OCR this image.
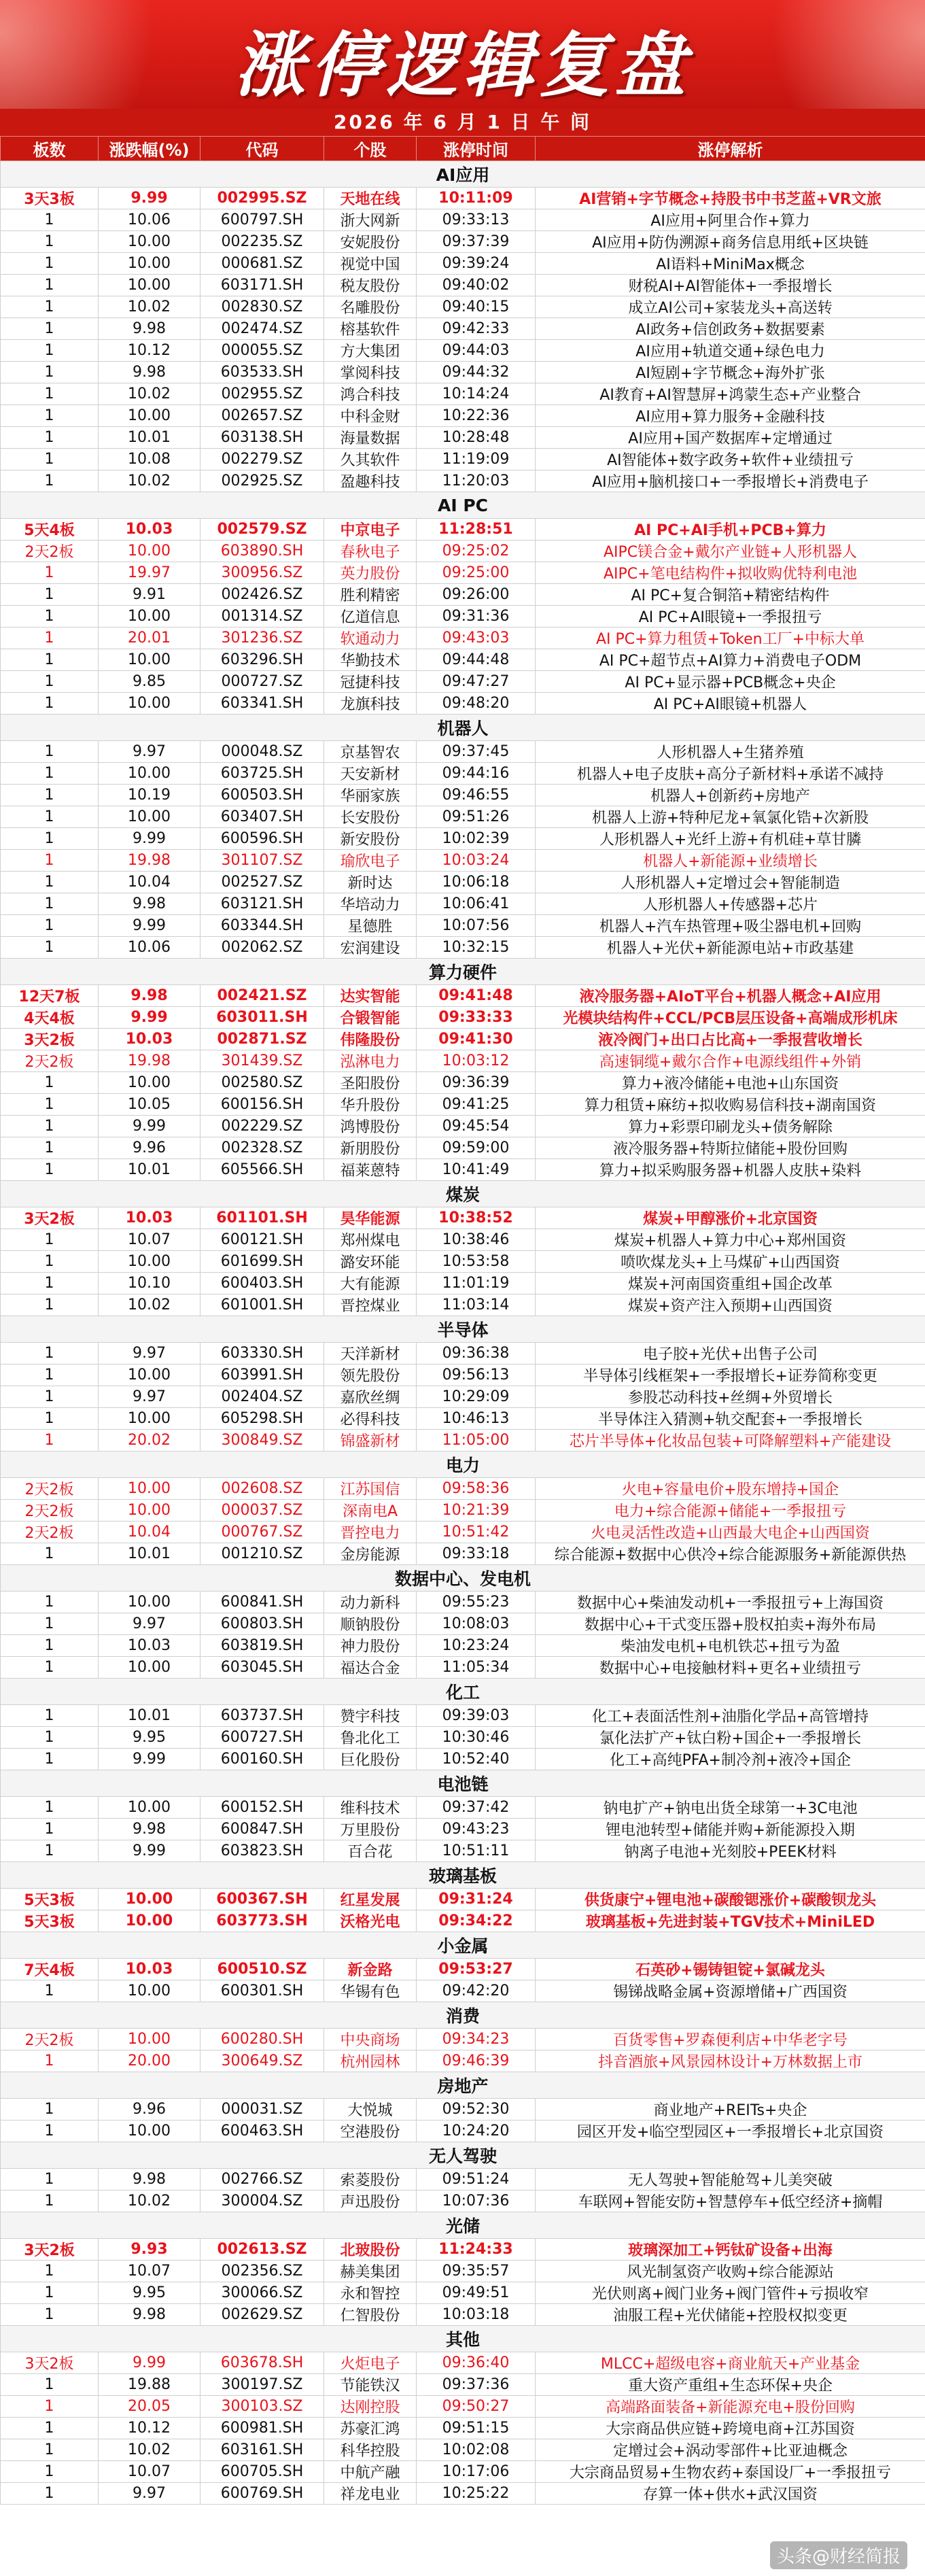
涨停逻辑复盘
2026 年 6 月 1 日 午 间
板数	涨跌幅(%)	代码	个股	涨停时间	涨停解析
AI应用					
3天3板	9.99	002995.SZ	天地在线	10:11:09	AI营销+字节概念+持股书中书芝蓝+VR文旅
1	10.06	600797.SH	浙大网新	09:33:13	AI应用+阿里合作+算力
1	10.00	002235.SZ	安妮股份	09:37:39	AI应用+防伪溯源+商务信息用纸+区块链
1	10.00	000681.SZ	视觉中国	09:39:24	AI语料+MiniMax概念
1	10.00	603171.SH	税友股份	09:40:02	财税AI+AI智能体+一季报增长
1	10.02	002830.SZ	名雕股份	09:40:15	成立AI公司+家装龙头+高送转
1	9.98	002474.SZ	榕基软件	09:42:33	AI政务+信创政务+数据要素
1	10.12	000055.SZ	方大集团	09:44:03	AI应用+轨道交通+绿色电力
1	9.98	603533.SH	掌阅科技	09:44:32	AI短剧+字节概念+海外扩张
1	10.02	002955.SZ	鸿合科技	10:14:24	AI教育+AI智慧屏+鸿蒙生态+产业整合
1	10.00	002657.SZ	中科金财	10:22:36	AI应用+算力服务+金融科技
1	10.01	603138.SH	海量数据	10:28:48	AI应用+国产数据库+定增通过
1	10.08	002279.SZ	久其软件	11:19:09	AI智能体+数字政务+软件+业绩扭亏
1	10.02	002925.SZ	盈趣科技	11:20:03	AI应用+脑机接口+一季报增长+消费电子
AI PC					
5天4板	10.03	002579.SZ	中京电子	11:28:51	AI PC+AI手机+PCB+算力
2天2板	10.00	603890.SH	春秋电子	09:25:02	AIPC镁合金+戴尔产业链+人形机器人
1	19.97	300956.SZ	英力股份	09:25:00	AIPC+笔电结构件+拟收购优特利电池
1	9.91	002426.SZ	胜利精密	09:26:00	AI PC+复合铜箔+精密结构件
1	10.00	001314.SZ	亿道信息	09:31:36	AI PC+AI眼镜+一季报扭亏
1	20.01	301236.SZ	软通动力	09:43:03	AI PC+算力租赁+Token工厂+中标大单
1	10.00	603296.SH	华勤技术	09:44:48	AI PC+超节点+AI算力+消费电子ODM
1	9.85	000727.SZ	冠捷科技	09:47:27	AI PC+显示器+PCB概念+央企
1	10.00	603341.SH	龙旗科技	09:48:20	AI PC+AI眼镜+机器人
机器人					
1	9.97	000048.SZ	京基智农	09:37:45	人形机器人+生猪养殖
1	10.00	603725.SH	天安新材	09:44:16	机器人+电子皮肤+高分子新材料+承诺不减持
1	10.19	600503.SH	华丽家族	09:46:55	机器人+创新药+房地产
1	10.00	603407.SH	长安股份	09:51:26	机器人上游+特种尼龙+氧氯化锆+次新股
1	9.99	600596.SH	新安股份	10:02:39	人形机器人+光纤上游+有机硅+草甘膦
1	19.98	301107.SZ	瑜欣电子	10:03:24	机器人+新能源+业绩增长
1	10.04	002527.SZ	新时达	10:06:18	人形机器人+定增过会+智能制造
1	9.98	603121.SH	华培动力	10:06:41	人形机器人+传感器+芯片
1	9.99	603344.SH	星德胜	10:07:56	机器人+汽车热管理+吸尘器电机+回购
1	10.06	002062.SZ	宏润建设	10:32:15	机器人+光伏+新能源电站+市政基建
算力硬件					
12天7板	9.98	002421.SZ	达实智能	09:41:48	液冷服务器+AIoT平台+机器人概念+AI应用
4天4板	9.99	603011.SH	合锻智能	09:33:33	光模块结构件+CCL/PCB层压设备+高端成形机床
3天2板	10.03	002871.SZ	伟隆股份	09:41:30	液冷阀门+出口占比高+一季报营收增长
2天2板	19.98	301439.SZ	泓淋电力	10:03:12	高速铜缆+戴尔合作+电源线组件+外销
1	10.00	002580.SZ	圣阳股份	09:36:39	算力+液冷储能+电池+山东国资
1	10.05	600156.SH	华升股份	09:41:25	算力租赁+麻纺+拟收购易信科技+湖南国资
1	9.99	002229.SZ	鸿博股份	09:45:54	算力+彩票印刷龙头+债务解除
1	9.96	002328.SZ	新朋股份	09:59:00	液冷服务器+特斯拉储能+股份回购
1	10.01	605566.SH	福莱蒽特	10:41:49	算力+拟采购服务器+机器人皮肤+染料
煤炭					
3天2板	10.03	601101.SH	昊华能源	10:38:52	煤炭+甲醇涨价+北京国资
1	10.07	600121.SH	郑州煤电	10:38:46	煤炭+机器人+算力中心+郑州国资
1	10.00	601699.SH	潞安环能	10:53:58	喷吹煤龙头+上马煤矿+山西国资
1	10.10	600403.SH	大有能源	11:01:19	煤炭+河南国资重组+国企改革
1	10.02	601001.SH	晋控煤业	11:03:14	煤炭+资产注入预期+山西国资
半导体					
1	9.97	603330.SH	天洋新材	09:36:38	电子胶+光伏+出售子公司
1	10.00	603991.SH	领先股份	09:56:13	半导体引线框架+一季报增长+证券简称变更
1	9.97	002404.SZ	嘉欣丝绸	10:29:09	参股芯动科技+丝绸+外贸增长
1	10.00	605298.SH	必得科技	10:46:13	半导体注入猜测+轨交配套+一季报增长
1	20.02	300849.SZ	锦盛新材	11:05:00	芯片半导体+化妆品包装+可降解塑料+产能建设
电力					
2天2板	10.00	002608.SZ	江苏国信	09:58:36	火电+容量电价+股东增持+国企
2天2板	10.00	000037.SZ	深南电A	10:21:39	电力+综合能源+储能+一季报扭亏
2天2板	10.04	000767.SZ	晋控电力	10:51:42	火电灵活性改造+山西最大电企+山西国资
1	10.01	001210.SZ	金房能源	09:33:18	综合能源+数据中心供冷+综合能源服务+新能源供热
数据中心、发电机					
1	10.00	600841.SH	动力新科	09:55:23	数据中心+柴油发动机+一季报扭亏+上海国资
1	9.97	600803.SH	顺钠股份	10:08:03	数据中心+干式变压器+股权拍卖+海外布局
1	10.03	603819.SH	神力股份	10:23:24	柴油发电机+电机铁芯+扭亏为盈
1	10.00	603045.SH	福达合金	11:05:34	数据中心+电接触材料+更名+业绩扭亏
化工					
1	10.01	603737.SH	赞宇科技	09:39:03	化工+表面活性剂+油脂化学品+高管增持
1	9.95	600727.SH	鲁北化工	10:30:46	氯化法扩产+钛白粉+国企+一季报增长
1	9.99	600160.SH	巨化股份	10:52:40	化工+高纯PFA+制冷剂+液冷+国企
电池链					
1	10.00	600152.SH	维科技术	09:37:42	钠电扩产+钠电出货全球第一+3C电池
1	9.98	600847.SH	万里股份	09:43:23	锂电池转型+储能并购+新能源投入期
1	9.99	603823.SH	百合花	10:51:11	钠离子电池+光刻胶+PEEK材料
玻璃基板					
5天3板	10.00	600367.SH	红星发展	09:31:24	供货康宁+锂电池+碳酸锶涨价+碳酸钡龙头
5天3板	10.00	603773.SH	沃格光电	09:34:22	玻璃基板+先进封装+TGV技术+MiniLED
小金属					
7天4板	10.03	600510.SZ	新金路	09:53:27	石英砂+锡铸钽锭+氯碱龙头
1	10.00	600301.SH	华锡有色	09:42:20	锡锑战略金属+资源增储+广西国资
消费					
2天2板	10.00	600280.SH	中央商场	09:34:23	百货零售+罗森便利店+中华老字号
1	20.00	300649.SZ	杭州园林	09:46:39	抖音酒旅+风景园林设计+万林数据上市
房地产					
1	9.96	000031.SZ	大悦城	09:52:30	商业地产+REITs+央企
1	10.00	600463.SH	空港股份	10:24:20	园区开发+临空型园区+一季报增长+北京国资
无人驾驶					
1	9.98	002766.SZ	索菱股份	09:51:24	无人驾驶+智能舱驾+儿美突破
1	10.02	300004.SZ	声迅股份	10:07:36	车联网+智能安防+智慧停车+低空经济+摘帽
光储					
3天2板	9.93	002613.SZ	北玻股份	11:24:33	玻璃深加工+钙钛矿设备+出海
1	10.07	002356.SZ	赫美集团	09:35:57	风光制氢资产收购+综合能源站
1	9.95	300066.SZ	永和智控	09:49:51	光伏则离+阀门业务+阀门管件+亏损收窄
1	9.98	002629.SZ	仁智股份	10:03:18	油服工程+光伏储能+控股权拟变更
其他					
3天2板	9.99	603678.SH	火炬电子	09:36:40	MLCC+超级电容+商业航天+产业基金
1	19.88	300197.SZ	节能铁汉	09:37:36	重大资产重组+生态环保+央企
1	20.05	300103.SZ	达刚控股	09:50:27	高端路面装备+新能源充电+股份回购
1	10.12	600981.SH	苏豪汇鸿	09:51:15	大宗商品供应链+跨境电商+江苏国资
1	10.02	603161.SH	科华控股	10:02:08	定增过会+涡动零部件+比亚迪概念
1	10.07	600705.SH	中航产融	10:17:06	大宗商品贸易+生物农药+泰国设厂+一季报扭亏
1	9.97	600769.SH	祥龙电业	10:25:22	存算一体+供水+武汉国资
头条@财经简报
